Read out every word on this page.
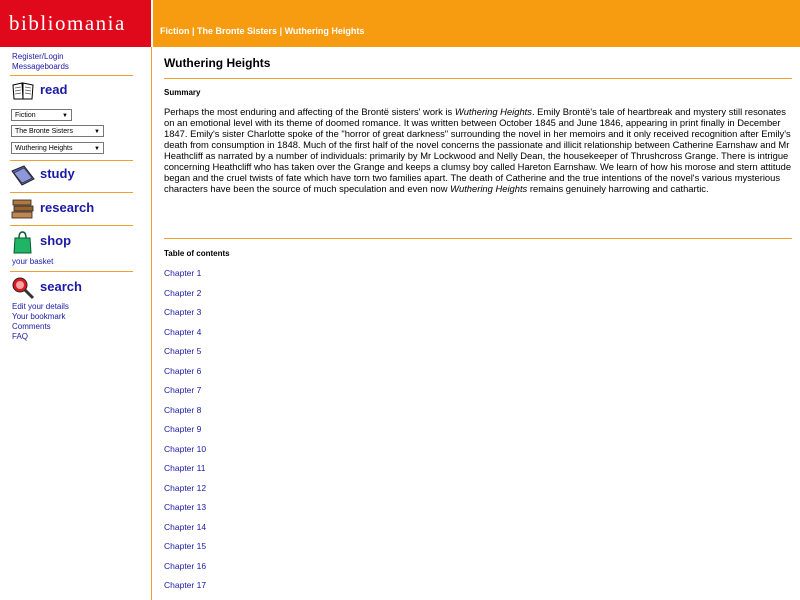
bibliomania	Fiction | The Bronte Sisters | Wuthering Heights
Register/Login
Messageboards
read
Fiction	▼
The Bronte Sisters	▼
Wuthering Heights	▼
study
research
shop
your basket
search
Edit your details
Your bookmark
Comments
FAQ
Wuthering Heights
Summary
Perhaps the most enduring and affecting of the Brontë sisters' work is Wuthering Heights. Emily Brontë's tale of heartbreak and mystery still resonates on an emotional level with its theme of doomed romance. It was written between October 1845 and June 1846, appearing in print finally in December 1847. Emily's sister Charlotte spoke of the "horror of great darkness" surrounding the novel in her memoirs and it only received recognition after Emily's death from consumption in 1848. Much of the first half of the novel concerns the passionate and illicit relationship between Catherine Earnshaw and Mr Heathcliff as narrated by a number of individuals: primarily by Mr Lockwood and Nelly Dean, the housekeeper of Thrushcross Grange. There is intrigue concerning Heathcliff who has taken over the Grange and keeps a clumsy boy called Hareton Earnshaw. We learn of how his morose and stern attitude began and the cruel twists of fate which have torn two families apart. The death of Catherine and the true intentions of the novel's various mysterious characters have been the source of much speculation and even now Wuthering Heights remains genuinely harrowing and cathartic.
Table of contents
Chapter 1
Chapter 2
Chapter 3
Chapter 4
Chapter 5
Chapter 6
Chapter 7
Chapter 8
Chapter 9
Chapter 10
Chapter 11
Chapter 12
Chapter 13
Chapter 14
Chapter 15
Chapter 16
Chapter 17
